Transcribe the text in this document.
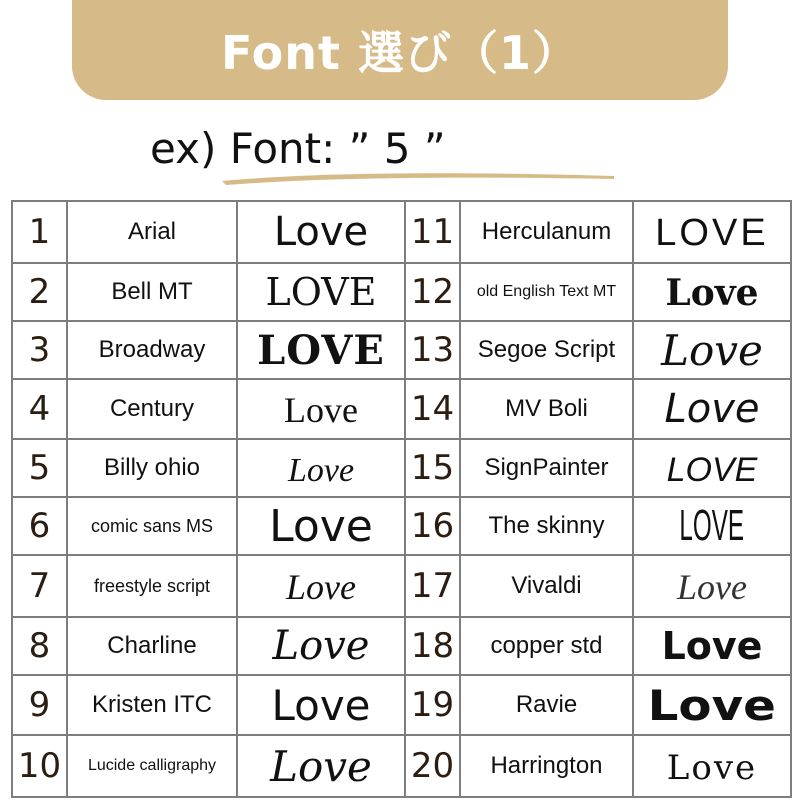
Font 選び（1）
ex) Font: ” 5 ”
1	Arial	Love	11	Herculanum	LOVE
2	Bell MT	LOVE	12	old English Text MT	Love
3	Broadway	LOVE	13	Segoe Script	Love
4	Century	Love	14	MV Boli	Love
5	Billy ohio	Love	15	SignPainter	LOVE
6	comic sans MS	Love	16	The skinny	LOVE
7	freestyle script	Love	17	Vivaldi	Love
8	Charline	Love	18	copper std	Love
9	Kristen ITC	Love	19	Ravie	Love
10	Lucide calligraphy	Love	20	Harrington	Love
